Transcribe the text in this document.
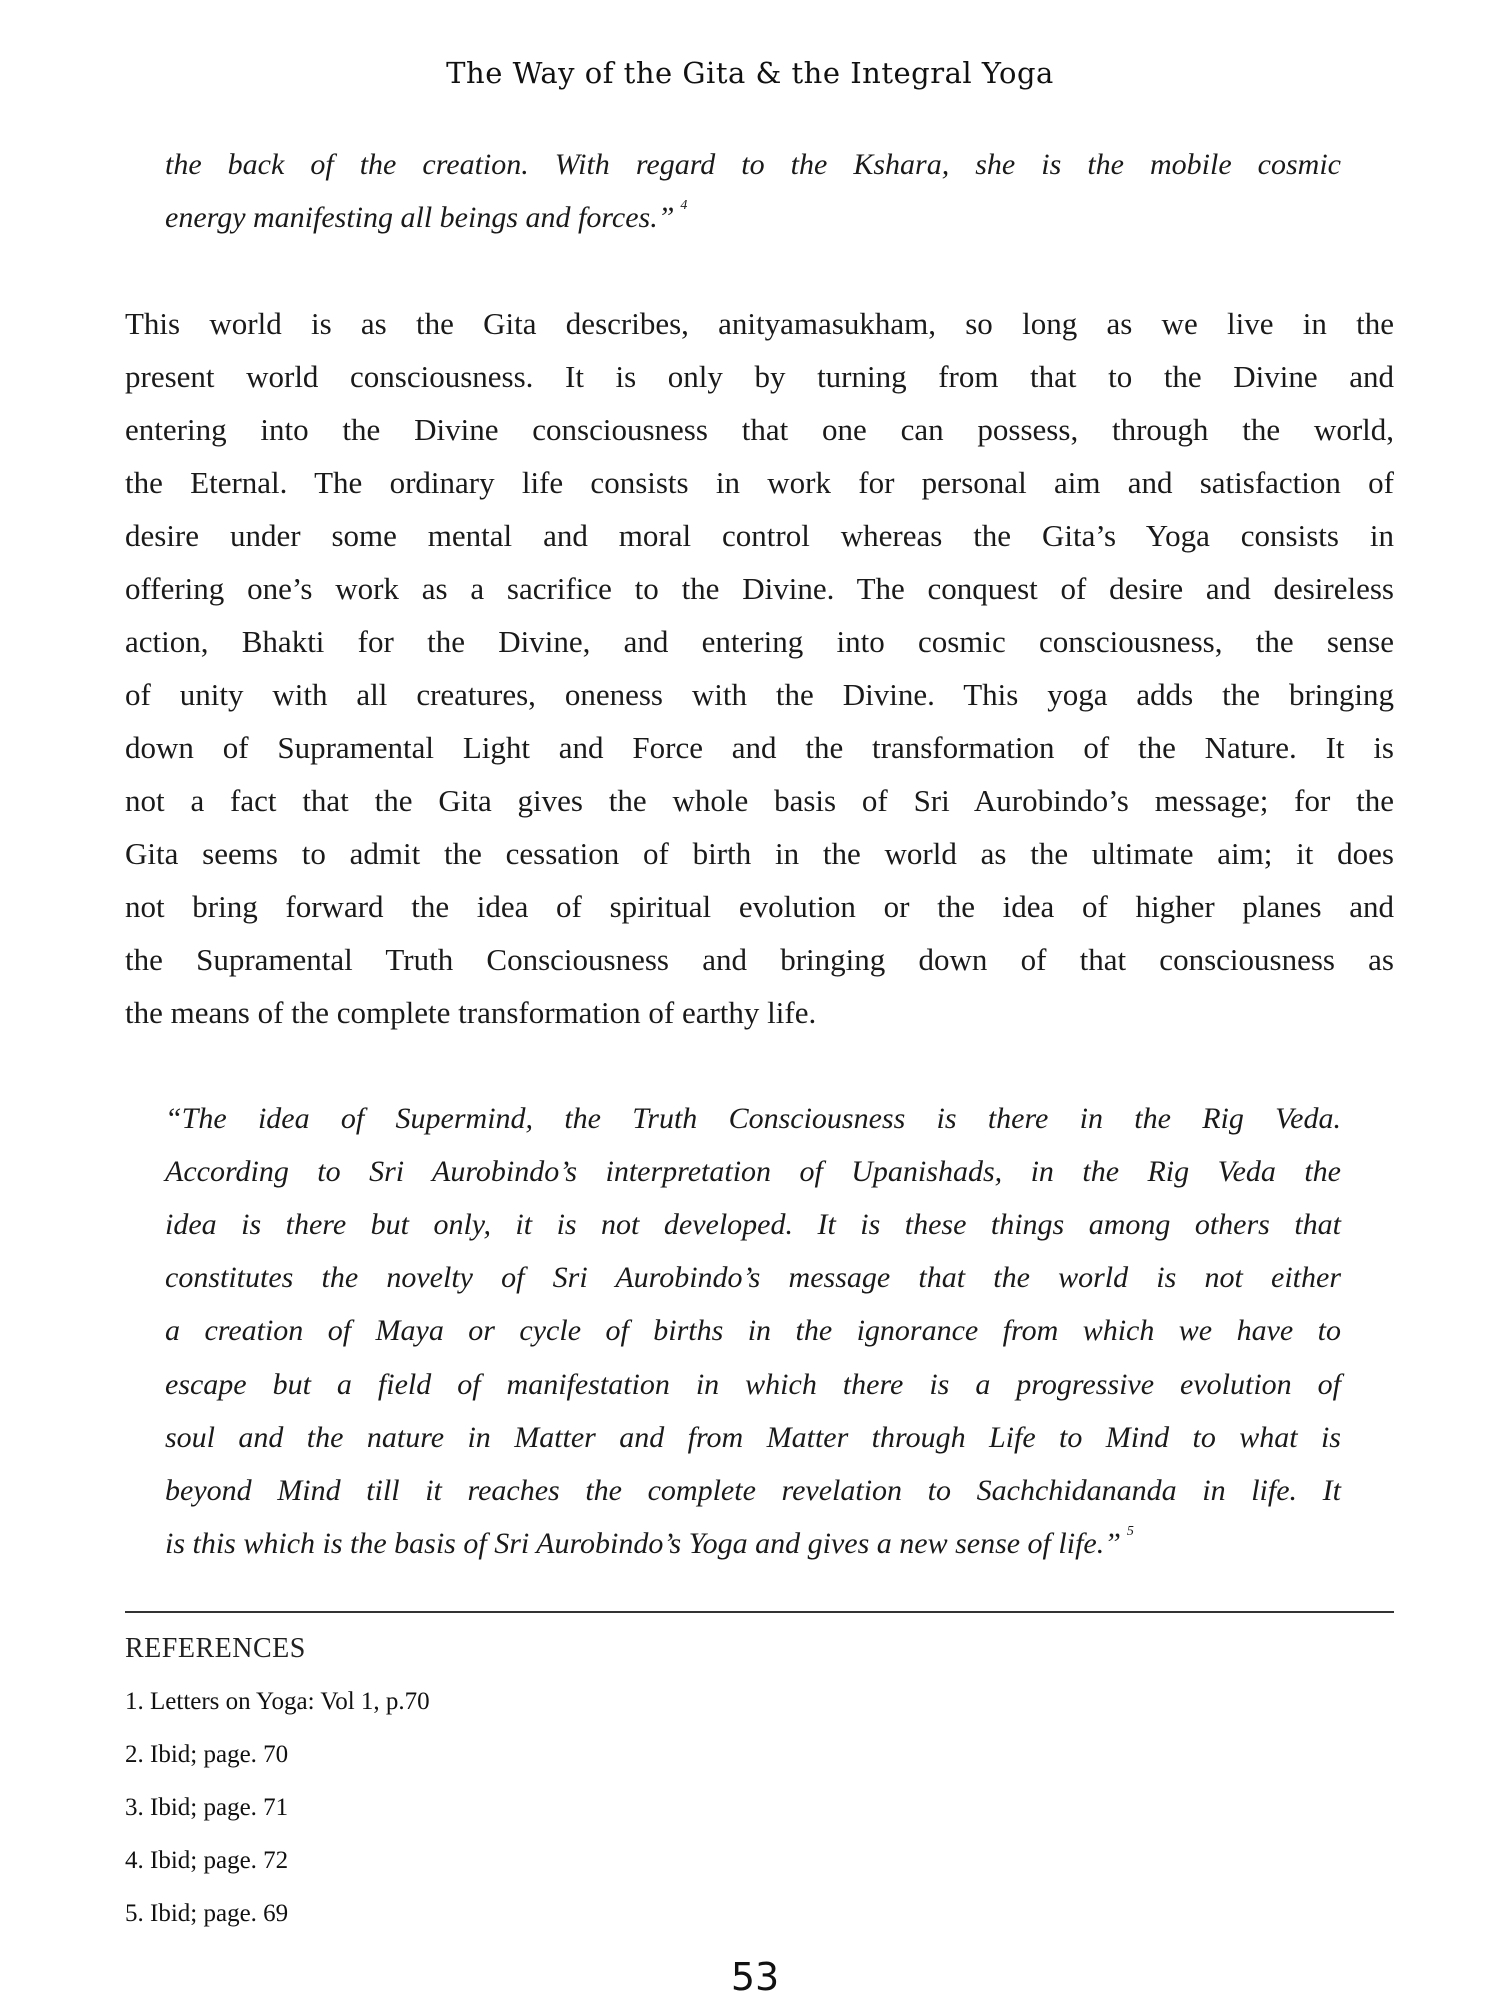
The Way of the Gita & the Integral Yoga
the back of the creation. With regard to the Kshara, she is the mobile cosmic
energy manifesting all beings and forces.” $^4$
This world is as the Gita describes, anityamasukham, so long as we live in the
present world consciousness. It is only by turning from that to the Divine and
entering into the Divine consciousness that one can possess, through the world,
the Eternal. The ordinary life consists in work for personal aim and satisfaction of
desire under some mental and moral control whereas the Gita’s Yoga consists in
offering one’s work as a sacrifice to the Divine. The conquest of desire and desireless
action, Bhakti for the Divine, and entering into cosmic consciousness, the sense
of unity with all creatures, oneness with the Divine. This yoga adds the bringing
down of Supramental Light and Force and the transformation of the Nature. It is
not a fact that the Gita gives the whole basis of Sri Aurobindo’s message; for the
Gita seems to admit the cessation of birth in the world as the ultimate aim; it does
not bring forward the idea of spiritual evolution or the idea of higher planes and
the Supramental Truth Consciousness and bringing down of that consciousness as
the means of the complete transformation of earthy life.
“The idea of Supermind, the Truth Consciousness is there in the Rig Veda.
According to Sri Aurobindo’s interpretation of Upanishads, in the Rig Veda the
idea is there but only, it is not developed. It is these things among others that
constitutes the novelty of Sri Aurobindo’s message that the world is not either
a creation of Maya or cycle of births in the ignorance from which we have to
escape but a field of manifestation in which there is a progressive evolution of
soul and the nature in Matter and from Matter through Life to Mind to what is
beyond Mind till it reaches the complete revelation to Sachchidananda in life. It
is this which is the basis of Sri Aurobindo’s Yoga and gives a new sense of life.” $^5$
REFERENCES
1. Letters on Yoga: Vol 1, p.70
2. Ibid; page. 70
3. Ibid; page. 71
4. Ibid; page. 72
5. Ibid; page. 69
53
